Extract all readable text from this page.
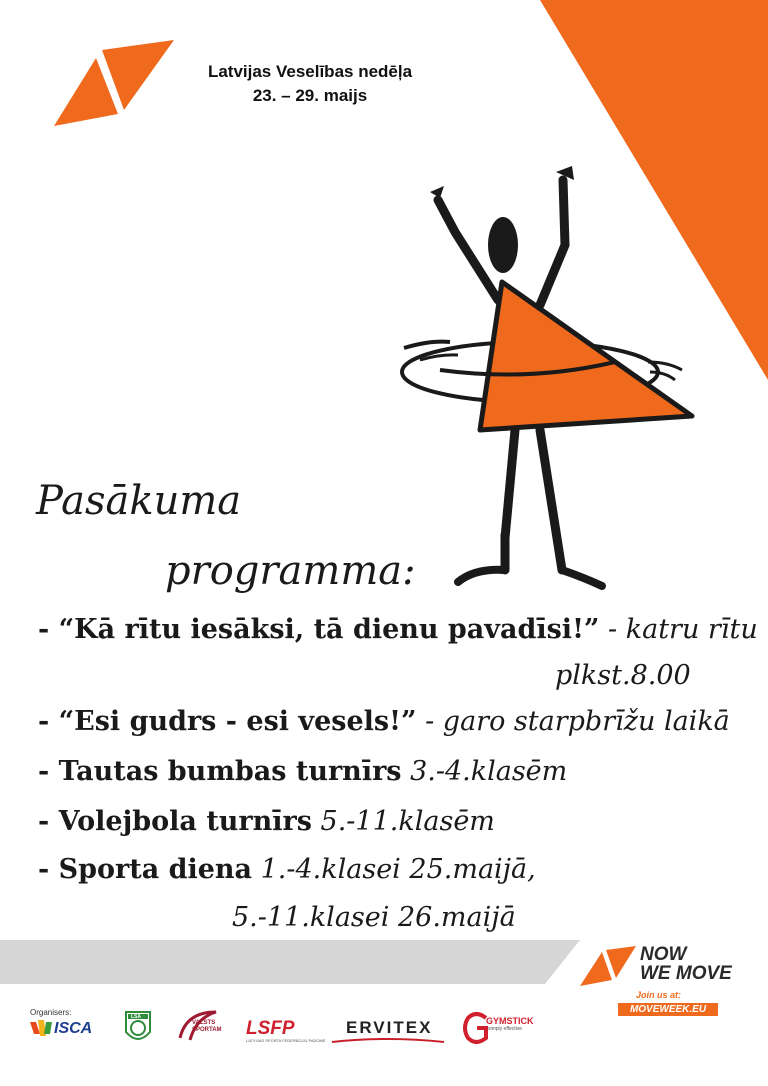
Latvijas Veselības nedēļa
23. – 29. maijs
Pasākuma
programma:
- “Kā rītu iesāksi, tā dienu pavadīsi!” - katru rītu
plkst.8.00
- “Esi gudrs - esi vesels!” - garo starpbrīžu laikā
- Tautas bumbas turnīrs 3.-4.klasēm
- Volejbola turnīrs 5.-11.klasēm
- Sporta diena 1.-4.klasei 25.maijā,
5.-11.klasei 26.maijā
NOW
WE MOVE
Join us at:
MOVEWEEK.EU
Organisers:
ISCA
LSA
VALSTS SPORTAM	LSFP
LATVIJAS SPORTA FEDERĀCIJU PADOME
ERVITEX	GYMSTICK
simply effective
